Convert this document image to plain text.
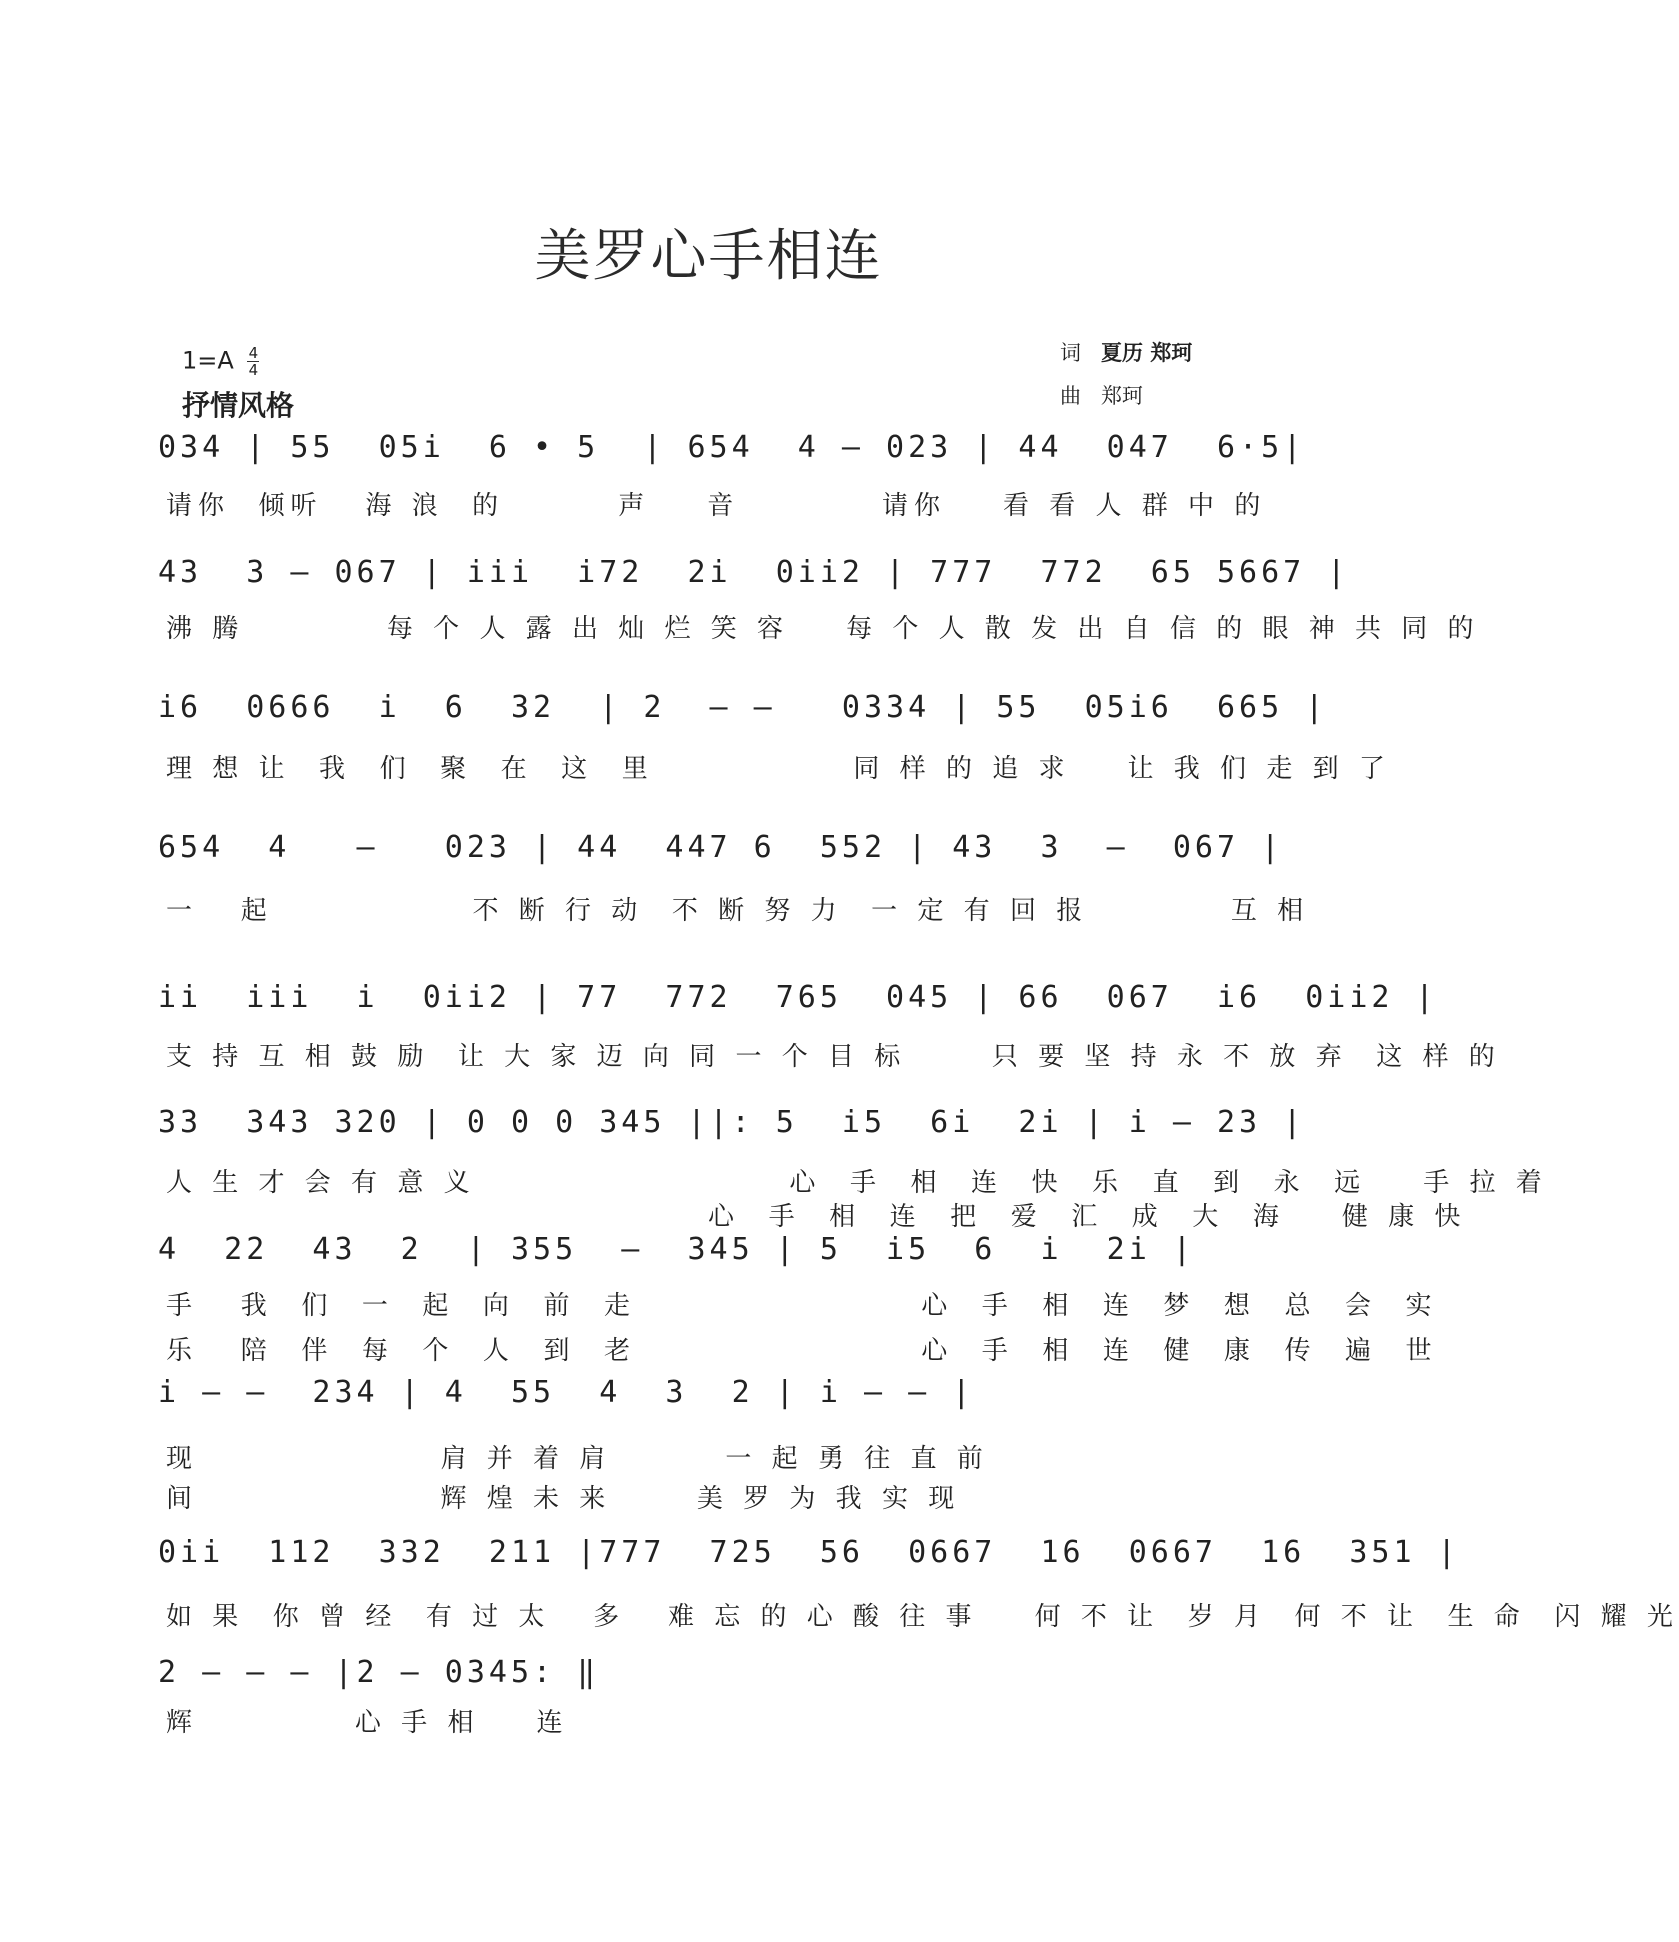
美罗心手相连
$1=A \frac{4}{4}$
抒情风格
词 夏历 郑珂
曲 郑珂
034 | 55  05i  6 • 5  | 654  4 — 023 | 44  047  6·5|
请你  倾听   海 浪  的        声    音          请你    看 看 人 群 中 的
43  3 — 067 | iii  i72  2i  0ii2 | 777  772  65 5667 |
沸 腾          每 个 人 露 出 灿 烂 笑 容    每 个 人 散 发 出 自 信 的 眼 神 共 同 的
i6  0666  i  6  32  | 2  — —   0334 | 55  05i6  665 |
理 想 让  我  们  聚  在  这  里              同 样 的 追 求    让 我 们 走 到 了
654  4   —   023 | 44  447 6  552 | 43  3  —  067 |
一   起              不 断 行 动  不 断 努 力  一 定 有 回 报          互 相
ii  iii  i  0ii2 | 77  772  765  045 | 66  067  i6  0ii2 |
支 持 互 相 鼓 励  让 大 家 迈 向 同 一 个 目 标      只 要 坚 持 永 不 放 弃  这 样 的
33  343 320 | 0 0 0 345 ||: 5  i5  6i  2i | i — 23 |
人 生 才 会 有 意 义                      心  手  相  连  快  乐  直  到  永  远    手 拉 着
心  手  相  连  把  爱  汇  成  大  海    健 康 快
4  22  43  2  | 355  —  345 | 5  i5  6  i  2i |
手   我  们  一  起  向  前  走                    心  手  相  连  梦  想  总  会  实
乐   陪  伴  每  个  人  到  老                    心  手  相  连  健  康  传  遍  世
i — —  234 | 4  55  4  3  2 | i — — |
现                 肩 并 着 肩        一 起 勇 往 直 前
间                 辉 煌 未 来      美 罗 为 我 实 现
0ii  112  332  211 |777  725  56  0667  16  0667  16  351 |
如 果  你 曾 经  有 过 太   多   难 忘 的 心 酸 往 事    何 不 让  岁 月  何 不 让  生 命  闪 耀 光
2 — — — |2 — 0345: ‖
辉           心 手 相    连
